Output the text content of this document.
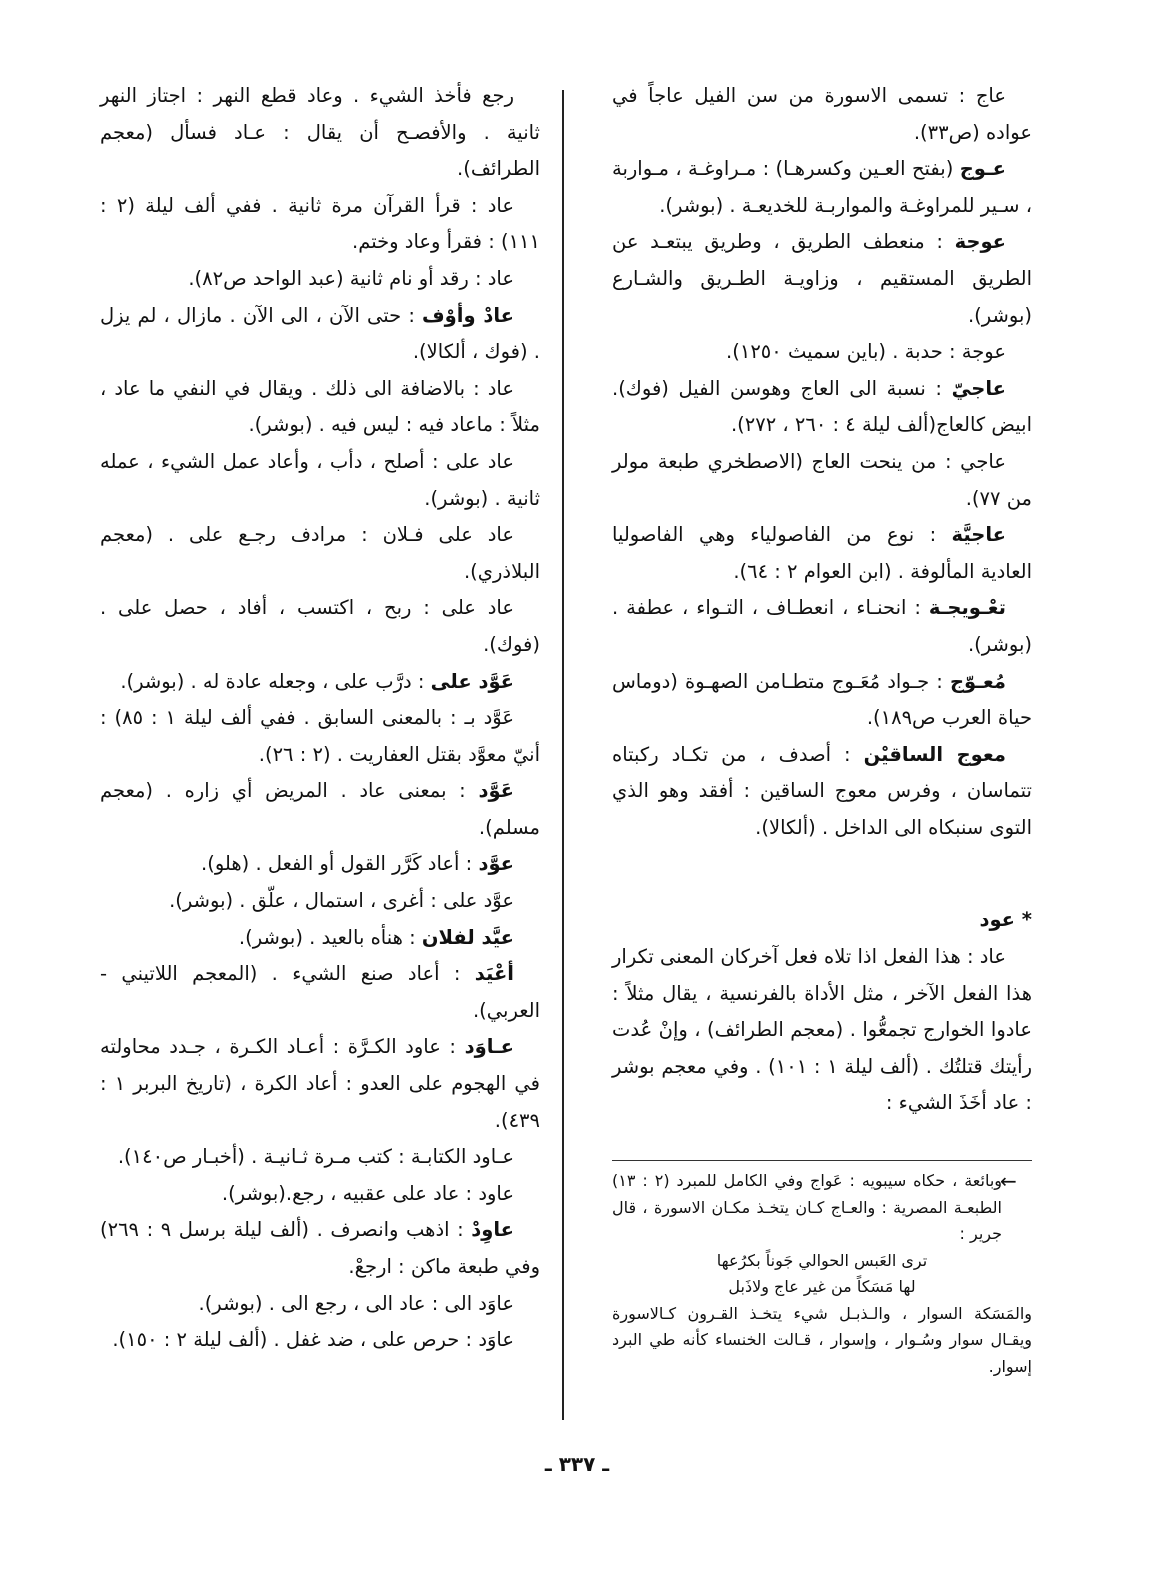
عاج : تسمى الاسورة من سن الفيل عاجاً في عواده (ص٣٣).

عـوج (بفتح العـين وكسرهـا) : مـراوغـة ، مـواربة ، سـير للمراوغـة والمواربـة للخديعـة . (بوشر).

عوجة : منعطف الطريق ، وطريق يبتعـد عن الطريق المستقيم ، وزاويـة الطـريق والشـارع (بوشر).

عوجة : حدبة . (باين سميث ١٢٥٠).

عاجيّ : نسبة الى العاج وهوسن الفيل (فوك). ابيض كالعاج(ألف ليلة ٤ : ٢٦٠ ، ٢٧٢).

عاجي : من ينحت العاج (الاصطخري طبعة مولر من ٧٧).

عاجيَّة : نوع من الفاصولياء وهي الفاصوليا العادية المألوفة . (ابن العوام ٢ : ٦٤).

تعْـويجـة : انحنـاء ، انعطـاف ، التـواء ، عطفة . (بوشر).

مُعـوّج : جـواد مُعَـوج متطـامن الصهـوة (دوماس حياة العرب ص١٨٩).

معوج الساقيْن : أصدف ، من تكـاد ركبتاه تتماسان ، وفرس معوج الساقين : أفقد وهو الذي التوى سنبكاه الى الداخل . (ألكالا).

* عود

عاد : هذا الفعل اذا تلاه فعل آخركان المعنى تكرار هذا الفعل الآخر ، مثل الأداة بالفرنسية ، يقال مثلاً : عادوا الخوارج تجمعُّوا . (معجم الطرائف) ، وإنْ عُدت رأيتك قتلتُك . (ألف ليلة ١ : ١٠١) . وفي معجم بوشر : عاد أخَذَ الشيء :

رجع فأخذ الشيء . وعاد قطع النهر : اجتاز النهر ثانية . والأفصـح أن يقال : عـاد فسأل (معجم الطرائف).

عاد : قرأ القرآن مرة ثانية . ففي ألف ليلة (٢ : ١١١) : فقرأ وعاد وختم.

عاد : رقد أو نام ثانية (عبد الواحد ص٨٢).

عادْ وأوْف : حتى الآن ، الى الآن . مازال ، لم يزل . (فوك ، ألكالا).

عاد : بالاضافة الى ذلك . ويقال في النفي ما عاد ، مثلاً : ماعاد فيه : ليس فيه . (بوشر).

عاد على : أصلح ، دأب ، وأعاد عمل الشيء ، عمله ثانية . (بوشر).

عاد على فـلان : مرادف رجـع على . (معجم البلاذري).

عاد على : ربح ، اكتسب ، أفاد ، حصل على . (فوك).

عَوَّد على : درَّب على ، وجعله عادة له . (بوشر).

عَوَّد بـ : بالمعنى السابق . ففي ألف ليلة ١ : ٨٥) : أنيّ معوَّد بقتل العفاريت . (٢ : ٢٦).

عَوَّد : بمعنى عاد . المريض أي زاره . (معجم مسلم).

عوَّد : أعاد كَرَّر القول أو الفعل . (هلو).

عوَّد على : أغرى ، استمال ، علّق . (بوشر).

عيَّد لفلان : هنأه بالعيد . (بوشر).

أعْيَد : أعاد صنع الشيء . (المعجم اللاتيني - العربي).

عـاوَد : عاود الكـرَّة : أعـاد الكـرة ، جـدد محاولته في الهجوم على العدو : أعاد الكرة ، (تاريخ البربر ١ : ٤٣٩).

عـاود الكتابـة : كتب مـرة ثـانيـة . (أخبـار ص١٤٠).

عاود : عاد على عقبيه ، رجع.(بوشر).

عاوِدْ : اذهب وانصرف . (ألف ليلة برسل ٩ : ٢٦٩) وفي طبعة ماكن : ارجعْ.

عاوَد الى : عاد الى ، رجع الى . (بوشر).

عاوَد : حرص على ، ضد غفل . (ألف ليلة ٢ : ١٥٠).

←

وبائعة ، حكاه سيبويه : عَواج وفي الكامل للمبرد (٢ : ١٣) الطبعـة المصرية : والعـاج كـان يتخـذ مكـان الاسورة ، قال جرير :

ترى العَبس الحوالي جَوناً بكرُعها

لها مَسَكاً من غير عاج ولاذَبل

والمَسَكة السوار ، والـذبـل شيء يتخـذ القـرون كـالاسورة ويقـال سوار وسُـوار ، وإسوار ، قـالت الخنساء كأنه طي البرد إسوار.

ـ ٣٣٧ ـ
